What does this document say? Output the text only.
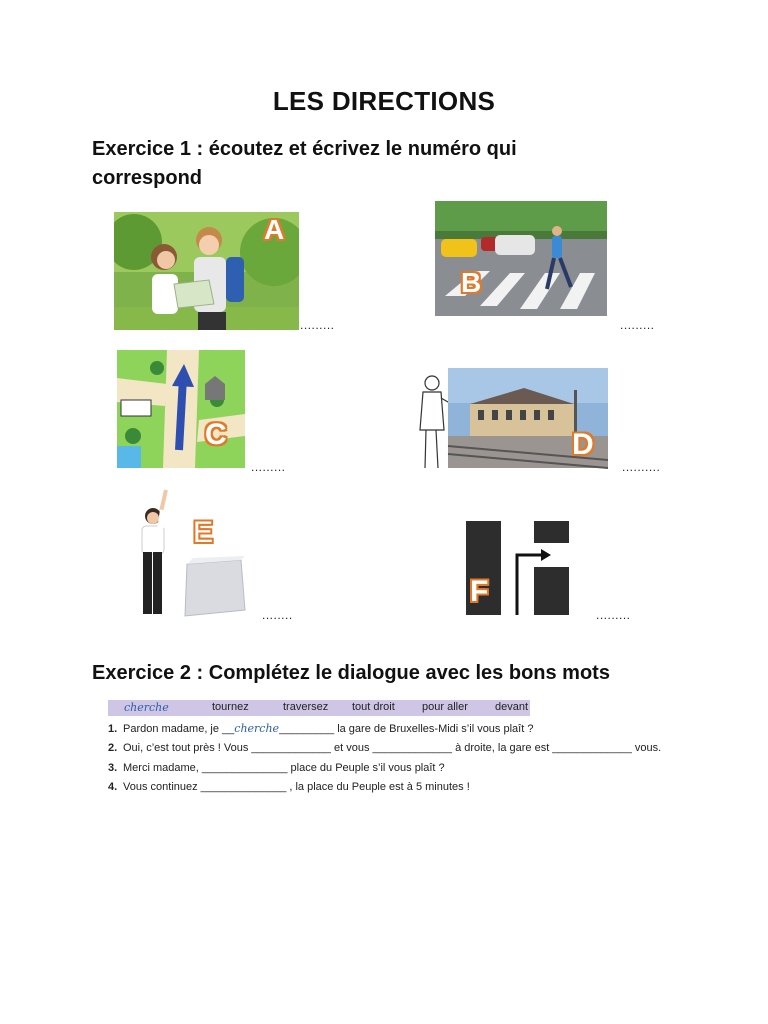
LES DIRECTIONS
Exercice 1 : écoutez et écrivez le numéro qui correspond
A
.........
B
.........
C
.........
D
..........
E
........
F
.........
Exercice 2 : Complétez le dialogue avec les bons mots
cherche	tournez	traversez tout droit pour aller devant
1. Pardon madame, je __cherche_________ la gare de Bruxelles-Midi s’il vous plaît ?
2. Oui, c’est tout près ! Vous _____________ et vous _____________ à droite, la gare est _____________ vous.
3. Merci madame, ______________ place du Peuple s’il vous plaît ?
4. Vous continuez ______________ , la place du Peuple est à 5 minutes !
